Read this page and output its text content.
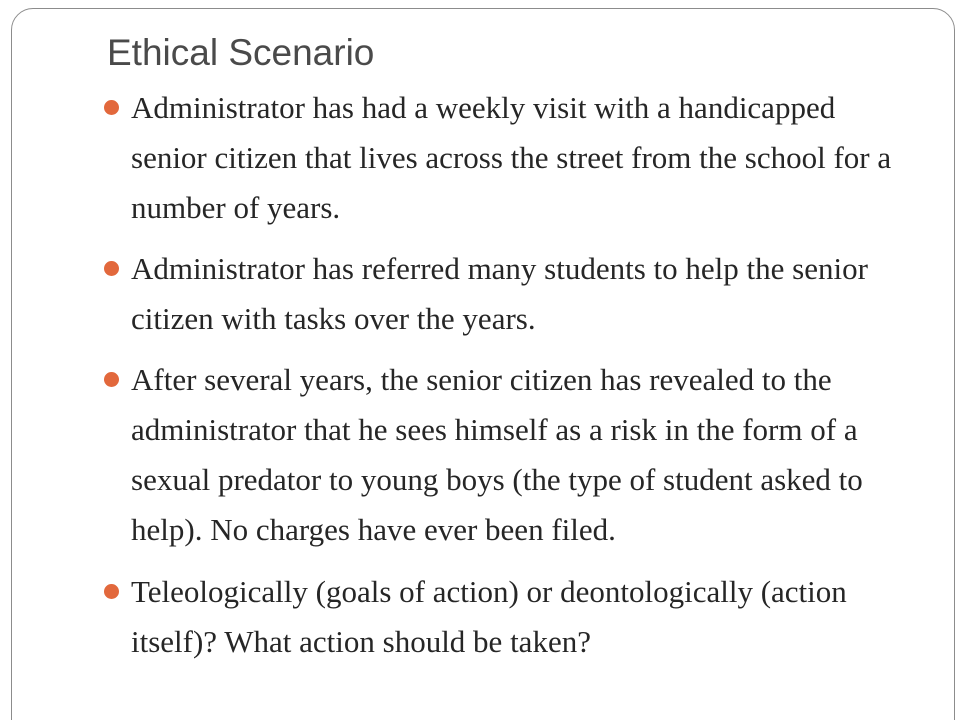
Ethical Scenario
Administrator has had a weekly visit with a handicapped senior citizen that lives across the street from the school for a number of years.
Administrator has referred many students to help the senior citizen with tasks over the years.
After several years, the senior citizen has revealed to the administrator that he sees himself as a risk in the form of a sexual predator to young boys (the type of student asked to help). No charges have ever been filed.
Teleologically (goals of action) or deontologically (action itself)? What action should be taken?
